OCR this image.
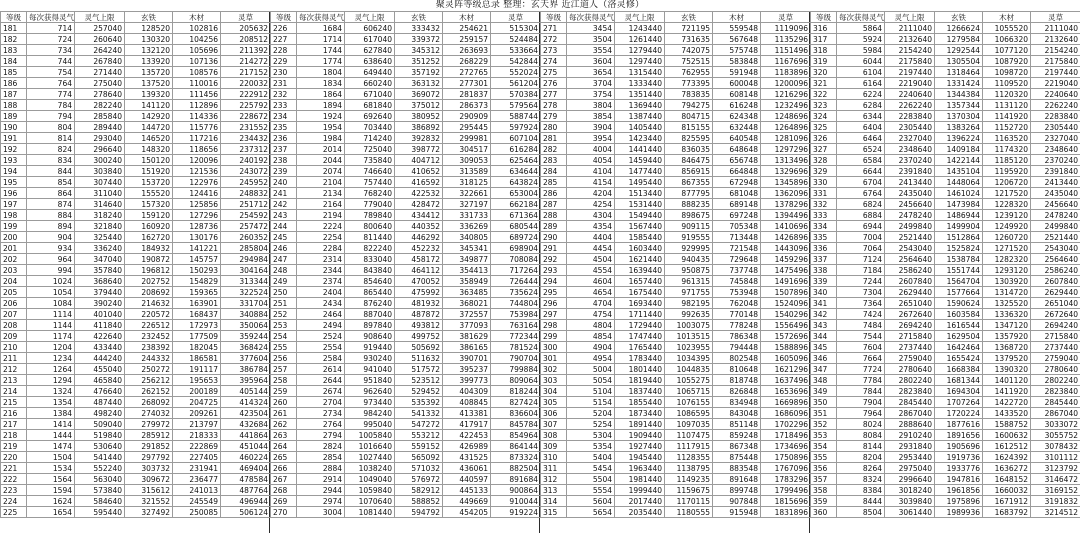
聚灵阵等级总录 整理：玄天界 近江道人（洛灵修）
等级	每次获得灵气	灵气上限	玄铁	木材	灵草
181	714	257040	128520	102816	205632
182	724	260640	130320	104256	208512
183	734	264240	132120	105696	211392
184	744	267840	133920	107136	214272
185	754	271440	135720	108576	217152
186	764	275040	137520	110016	220032
187	774	278640	139320	111456	222912
188	784	282240	141120	112896	225792
189	794	285840	142920	114336	228672
190	804	289440	144720	115776	231552
191	814	293040	146520	117216	234432
192	824	296640	148320	118656	237312
193	834	300240	150120	120096	240192
194	844	303840	151920	121536	243072
195	854	307440	153720	122976	245952
196	864	311040	155520	124416	248832
197	874	314640	157320	125856	251712
198	884	318240	159120	127296	254592
199	894	321840	160920	128736	257472
200	904	325440	162720	130176	260352
201	934	336240	184932	141221	285804
202	964	347040	190872	145757	294984
203	994	357840	196812	150293	304164
204	1024	368640	202752	154829	313344
205	1054	379440	208692	159365	322524
206	1084	390240	214632	163901	331704
207	1114	401040	220572	168437	340884
208	1144	411840	226512	172973	350064
209	1174	422640	232452	177509	359244
210	1204	433440	238392	182045	368424
211	1234	444240	244332	186581	377604
212	1264	455040	250272	191117	386784
213	1294	465840	256212	195653	395964
214	1324	476640	262152	200189	405144
215	1354	487440	268092	204725	414324
216	1384	498240	274032	209261	423504
217	1414	509040	279972	213797	432684
218	1444	519840	285912	218333	441864
219	1474	530640	291852	222869	451044
220	1504	541440	297792	227405	460224
221	1534	552240	303732	231941	469404
222	1564	563040	309672	236477	478584
223	1594	573840	315612	241013	487764
224	1624	584640	321552	245549	496944
225	1654	595440	327492	250085	506124
等级	每次获得灵气	灵气上限	玄铁	木材	灵草
226	1684	606240	333432	254621	515304
227	1714	617040	339372	259157	524484
228	1744	627840	345312	263693	533664
229	1774	638640	351252	268229	542844
230	1804	649440	357192	272765	552024
231	1834	660240	363132	277301	561204
232	1864	671040	369072	281837	570384
233	1894	681840	375012	286373	579564
234	1924	692640	380952	290909	588744
235	1954	703440	386892	295445	597924
236	1984	714240	392832	299981	607104
237	2014	725040	398772	304517	616284
238	2044	735840	404712	309053	625464
239	2074	746640	410652	313589	634644
240	2104	757440	416592	318125	643824
241	2134	768240	422532	322661	653004
242	2164	779040	428472	327197	662184
243	2194	789840	434412	331733	671364
244	2224	800640	440352	336269	680544
245	2254	811440	446292	340805	689724
246	2284	822240	452232	345341	698904
247	2314	833040	458172	349877	708084
248	2344	843840	464112	354413	717264
249	2374	854640	470052	358949	726444
250	2404	865440	475992	363485	735624
251	2434	876240	481932	368021	744804
252	2464	887040	487872	372557	753984
253	2494	897840	493812	377093	763164
254	2524	908640	499752	381629	772344
255	2554	919440	505692	386165	781524
256	2584	930240	511632	390701	790704
257	2614	941040	517572	395237	799884
258	2644	951840	523512	399773	809064
259	2674	962640	529452	404309	818244
260	2704	973440	535392	408845	827424
261	2734	984240	541332	413381	836604
262	2764	995040	547272	417917	845784
263	2794	1005840	553212	422453	854964
264	2824	1016640	559152	426989	864144
265	2854	1027440	565092	431525	873324
266	2884	1038240	571032	436061	882504
267	2914	1049040	576972	440597	891684
268	2944	1059840	582912	445133	900864
269	2974	1070640	588852	449669	910044
270	3004	1081440	594792	454205	919224
等级	每次获得灵气	灵气上限	玄铁	木材	灵草
271	3454	1243440	721195	559548	1119096
272	3504	1261440	731635	567648	1135296
273	3554	1279440	742075	575748	1151496
274	3604	1297440	752515	583848	1167696
275	3654	1315440	762955	591948	1183896
276	3704	1333440	773395	600048	1200096
277	3754	1351440	783835	608148	1216296
278	3804	1369440	794275	616248	1232496
279	3854	1387440	804715	624348	1248696
280	3904	1405440	815155	632448	1264896
281	3954	1423440	825595	640548	1281096
282	4004	1441440	836035	648648	1297296
283	4054	1459440	846475	656748	1313496
284	4104	1477440	856915	664848	1329696
285	4154	1495440	867355	672948	1345896
286	4204	1513440	877795	681048	1362096
287	4254	1531440	888235	689148	1378296
288	4304	1549440	898675	697248	1394496
289	4354	1567440	909115	705348	1410696
290	4404	1585440	919555	713448	1426896
291	4454	1603440	929995	721548	1443096
292	4504	1621440	940435	729648	1459296
293	4554	1639440	950875	737748	1475496
294	4604	1657440	961315	745848	1491696
295	4654	1675440	971755	753948	1507896
296	4704	1693440	982195	762048	1524096
297	4754	1711440	992635	770148	1540296
298	4804	1729440	1003075	778248	1556496
299	4854	1747440	1013515	786348	1572696
300	4904	1765440	1023955	794448	1588896
301	4954	1783440	1034395	802548	1605096
302	5004	1801440	1044835	810648	1621296
303	5054	1819440	1055275	818748	1637496
304	5104	1837440	1065715	826848	1653696
305	5154	1855440	1076155	834948	1669896
306	5204	1873440	1086595	843048	1686096
307	5254	1891440	1097035	851148	1702296
308	5304	1909440	1107475	859248	1718496
309	5354	1927440	1117915	867348	1734696
310	5404	1945440	1128355	875448	1750896
311	5454	1963440	1138795	883548	1767096
312	5504	1981440	1149235	891648	1783296
313	5554	1999440	1159675	899748	1799496
314	5604	2017440	1170115	907848	1815696
315	5654	2035440	1180555	915948	1831896
等级	每次获得灵气	灵气上限	玄铁	木材	灵草
316	5864	2111040	1266624	1055520	2111040
317	5924	2132640	1279584	1066320	2132640
318	5984	2154240	1292544	1077120	2154240
319	6044	2175840	1305504	1087920	2175840
320	6104	2197440	1318464	1098720	2197440
321	6164	2219040	1331424	1109520	2219040
322	6224	2240640	1344384	1120320	2240640
323	6284	2262240	1357344	1131120	2262240
324	6344	2283840	1370304	1141920	2283840
325	6404	2305440	1383264	1152720	2305440
326	6464	2327040	1396224	1163520	2327040
327	6524	2348640	1409184	1174320	2348640
328	6584	2370240	1422144	1185120	2370240
329	6644	2391840	1435104	1195920	2391840
330	6704	2413440	1448064	1206720	2413440
331	6764	2435040	1461024	1217520	2435040
332	6824	2456640	1473984	1228320	2456640
333	6884	2478240	1486944	1239120	2478240
334	6944	2499840	1499904	1249920	2499840
335	7004	2521440	1512864	1260720	2521440
336	7064	2543040	1525824	1271520	2543040
337	7124	2564640	1538784	1282320	2564640
338	7184	2586240	1551744	1293120	2586240
339	7244	2607840	1564704	1303920	2607840
340	7304	2629440	1577664	1314720	2629440
341	7364	2651040	1590624	1325520	2651040
342	7424	2672640	1603584	1336320	2672640
343	7484	2694240	1616544	1347120	2694240
344	7544	2715840	1629504	1357920	2715840
345	7604	2737440	1642464	1368720	2737440
346	7664	2759040	1655424	1379520	2759040
347	7724	2780640	1668384	1390320	2780640
348	7784	2802240	1681344	1401120	2802240
349	7844	2823840	1694304	1411920	2823840
350	7904	2845440	1707264	1422720	2845440
351	7964	2867040	1720224	1433520	2867040
352	8024	2888640	1877616	1588752	3033072
353	8084	2910240	1891656	1600632	3055752
354	8144	2931840	1905696	1612512	3078432
355	8204	2953440	1919736	1624392	3101112
356	8264	2975040	1933776	1636272	3123792
357	8324	2996640	1947816	1648152	3146472
358	8384	3018240	1961856	1660032	3169152
359	8444	3039840	1975896	1671912	3191832
360	8504	3061440	1989936	1683792	3214512
